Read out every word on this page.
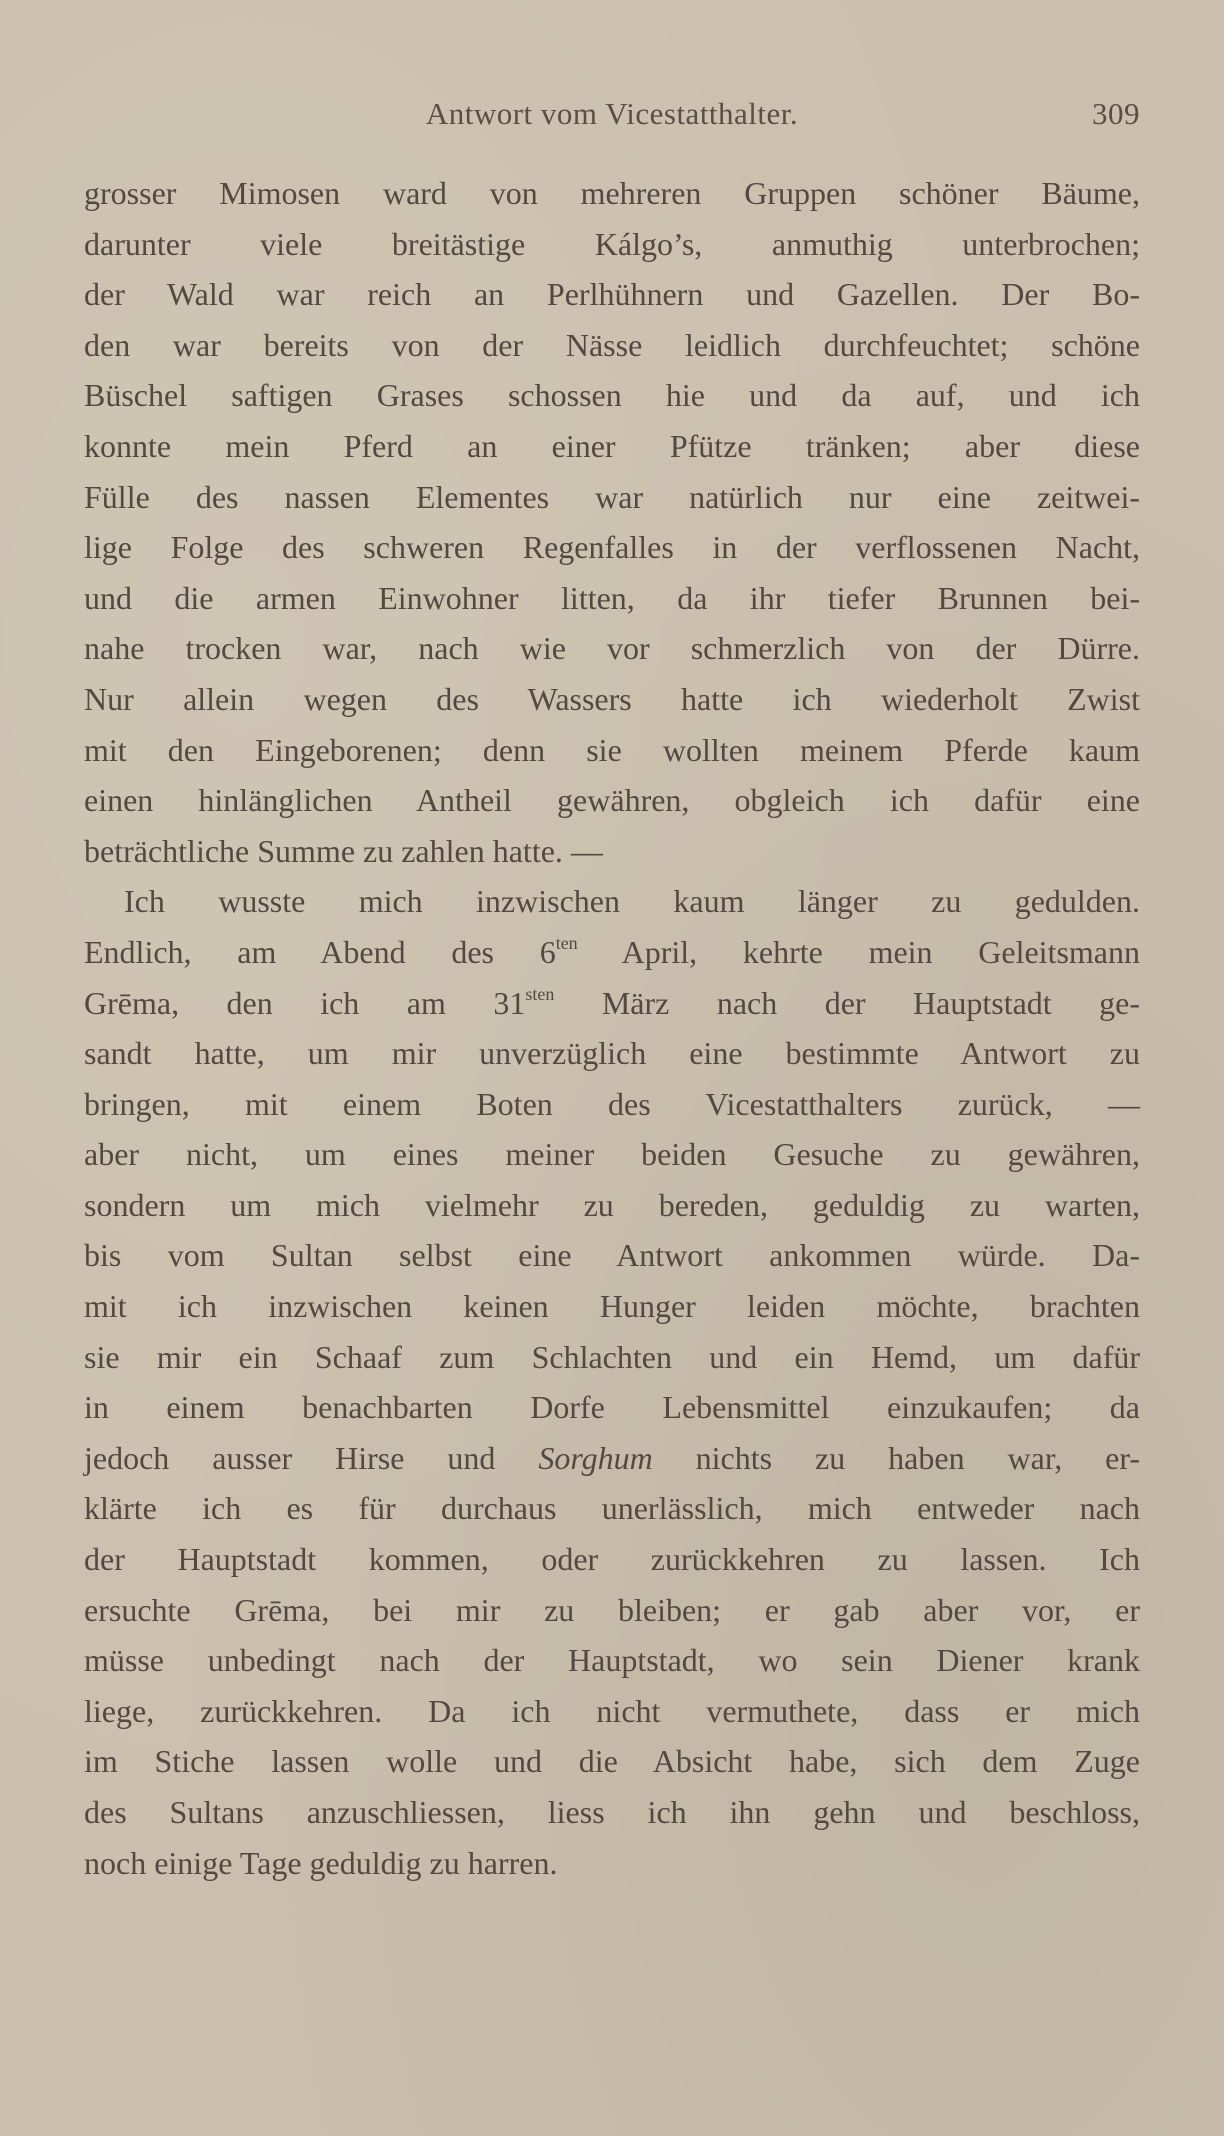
Antwort vom Vicestatthalter.	309
grosser Mimosen ward von mehreren Gruppen schöner Bäume,
darunter viele breitästige Kálgo’s, anmuthig unterbrochen;
der Wald war reich an Perlhühnern und Gazellen. Der Bo-
den war bereits von der Nässe leidlich durchfeuchtet; schöne
Büschel saftigen Grases schossen hie und da auf, und ich
konnte mein Pferd an einer Pfütze tränken; aber diese
Fülle des nassen Elementes war natürlich nur eine zeitwei-
lige Folge des schweren Regenfalles in der verflossenen Nacht,
und die armen Einwohner litten, da ihr tiefer Brunnen bei-
nahe trocken war, nach wie vor schmerzlich von der Dürre.
Nur allein wegen des Wassers hatte ich wiederholt Zwist
mit den Eingeborenen; denn sie wollten meinem Pferde kaum
einen hinlänglichen Antheil gewähren, obgleich ich dafür eine
beträchtliche Summe zu zahlen hatte. —
Ich wusste mich inzwischen kaum länger zu gedulden.
Endlich, am Abend des $6^{ten}$ April, kehrte mein Geleitsmann
Grēma, den ich am $31^{sten}$ März nach der Hauptstadt ge-
sandt hatte, um mir unverzüglich eine bestimmte Antwort zu
bringen, mit einem Boten des Vicestatthalters zurück, —
aber nicht, um eines meiner beiden Gesuche zu gewähren,
sondern um mich vielmehr zu bereden, geduldig zu warten,
bis vom Sultan selbst eine Antwort ankommen würde. Da-
mit ich inzwischen keinen Hunger leiden möchte, brachten
sie mir ein Schaaf zum Schlachten und ein Hemd, um dafür
in einem benachbarten Dorfe Lebensmittel einzukaufen; da
jedoch ausser Hirse und Sorghum nichts zu haben war, er-
klärte ich es für durchaus unerlässlich, mich entweder nach
der Hauptstadt kommen, oder zurückkehren zu lassen. Ich
ersuchte Grēma, bei mir zu bleiben; er gab aber vor, er
müsse unbedingt nach der Hauptstadt, wo sein Diener krank
liege, zurückkehren. Da ich nicht vermuthete, dass er mich
im Stiche lassen wolle und die Absicht habe, sich dem Zuge
des Sultans anzuschliessen, liess ich ihn gehn und beschloss,
noch einige Tage geduldig zu harren.
